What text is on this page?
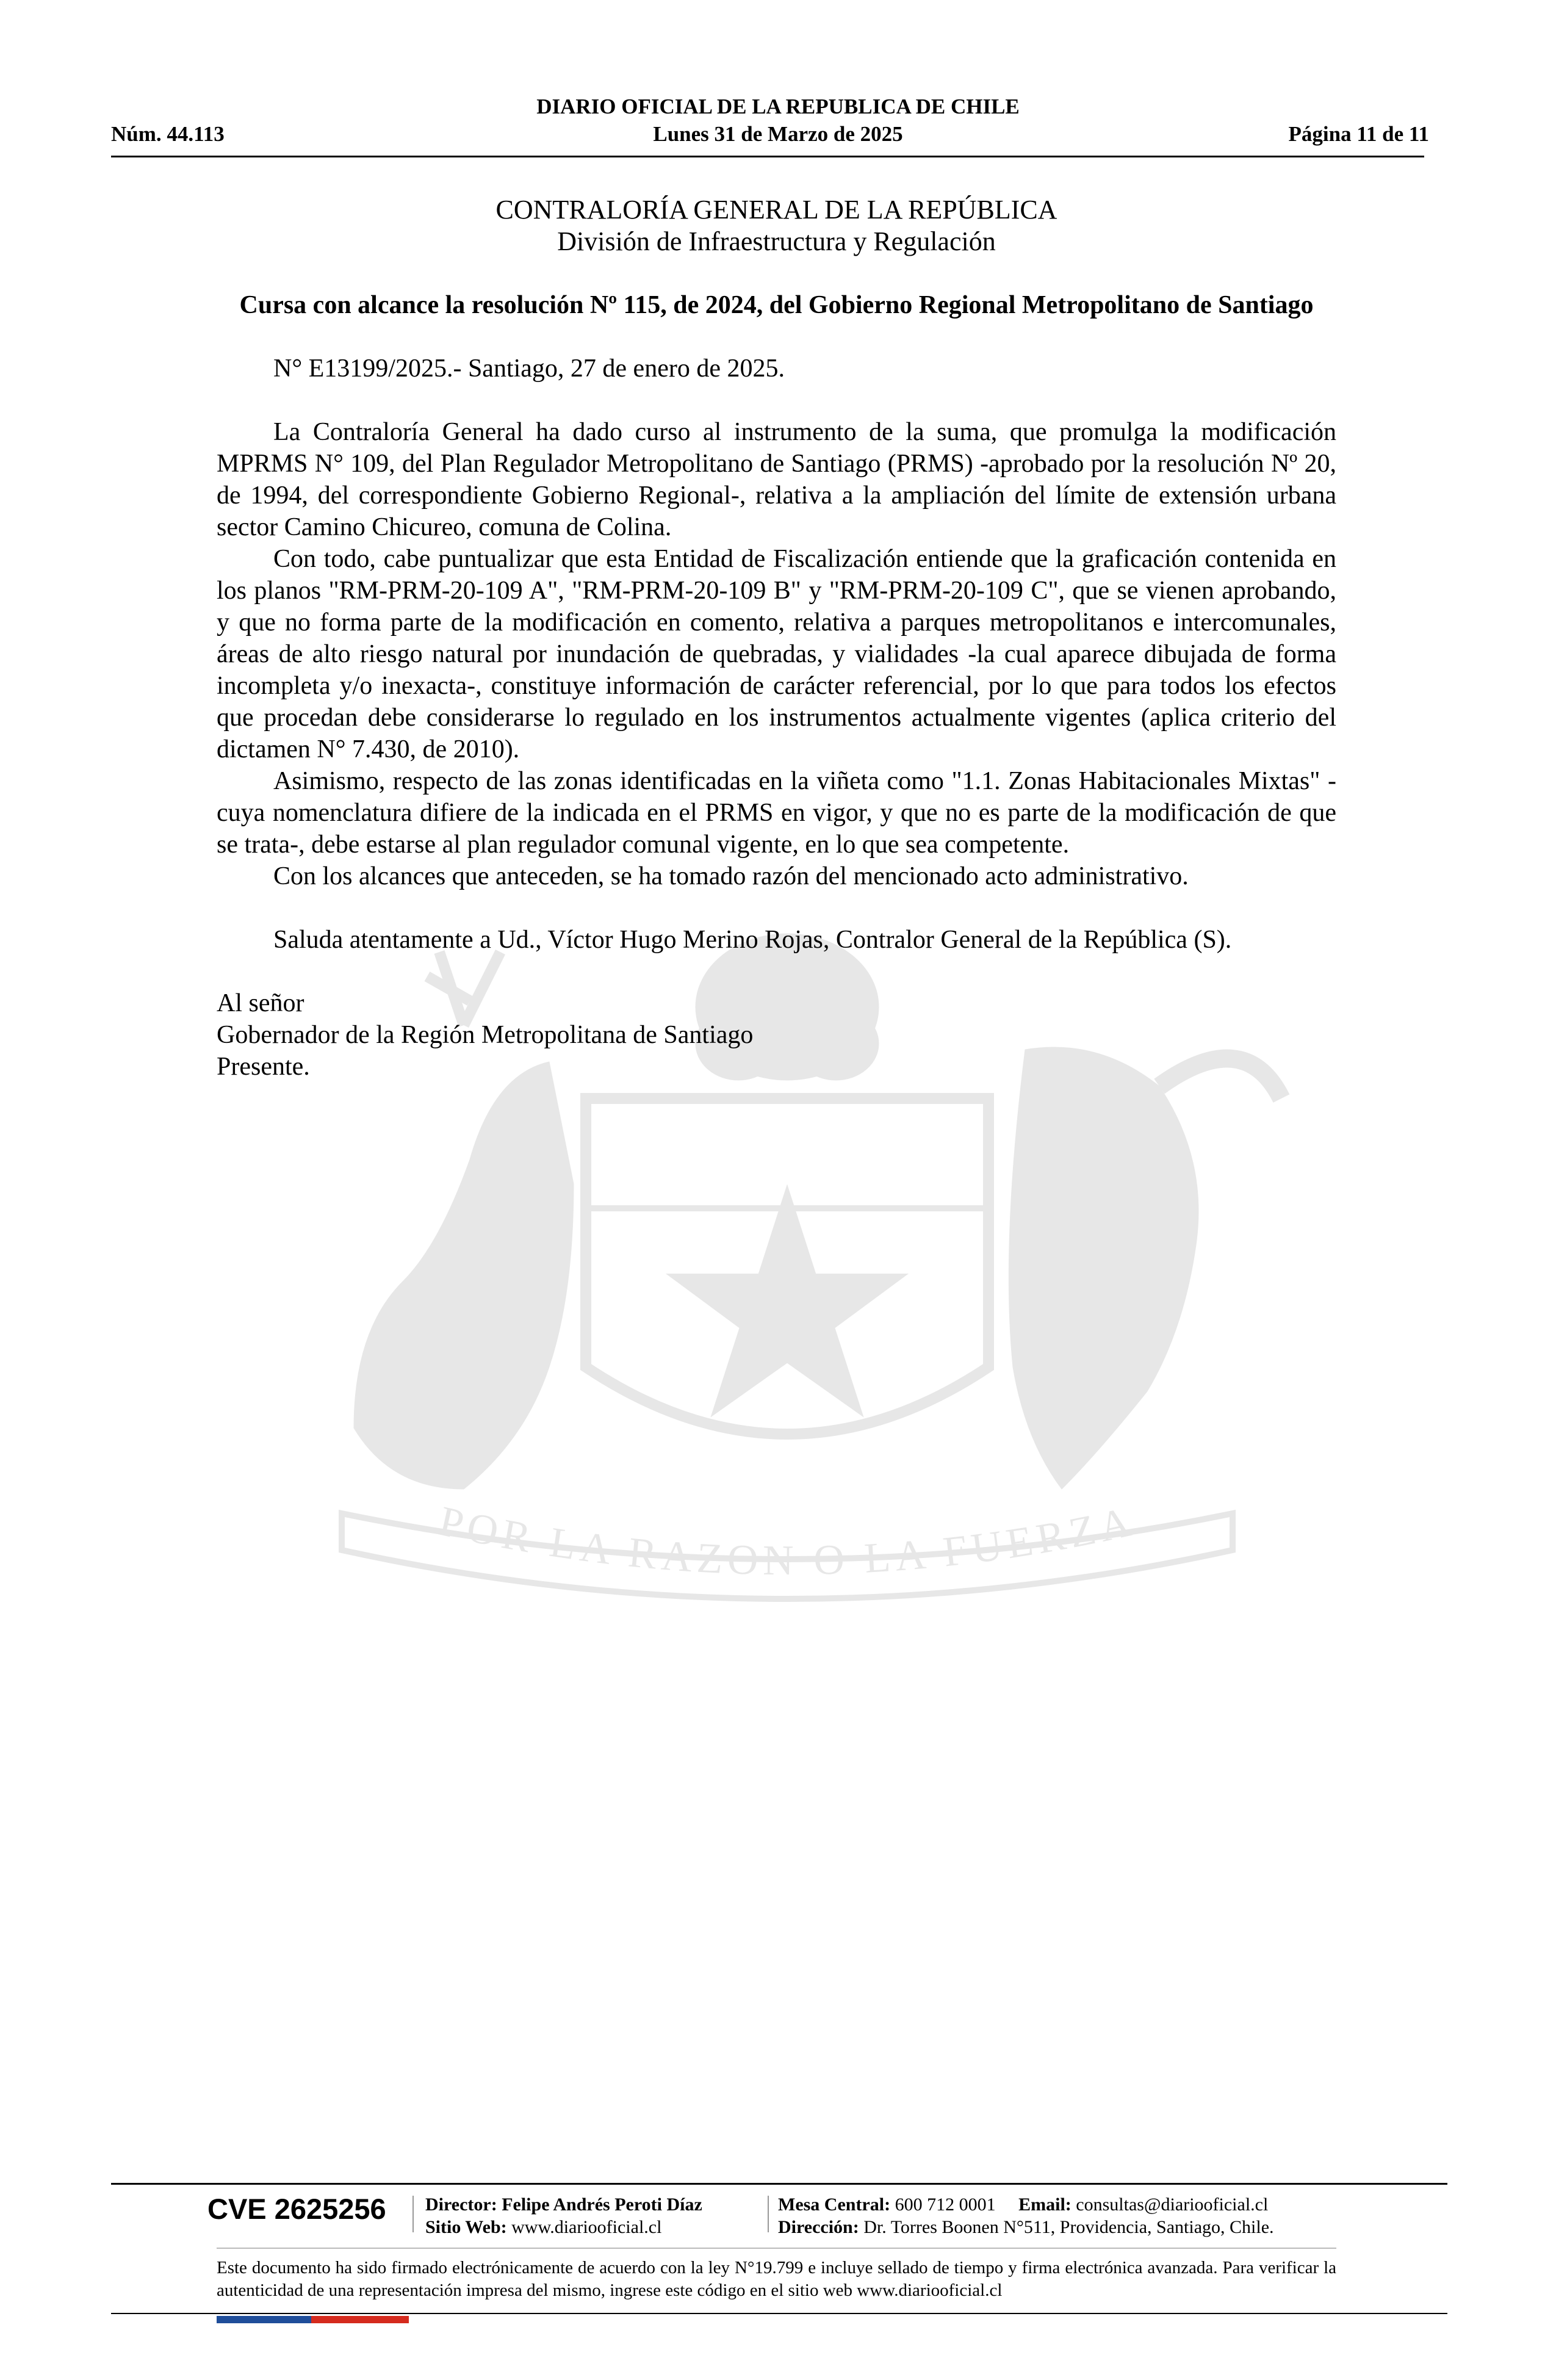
DIARIO OFICIAL DE LA REPUBLICA DE CHILE
Núm. 44.113	Lunes 31 de Marzo de 2025	Página 11 de 11
POR LA RAZON O LA FUERZA

CONTRALORÍA GENERAL DE LA REPÚBLICA

División de Infraestructura y Regulación

Cursa con alcance la resolución Nº 115, de 2024, del Gobierno Regional Metropolitano de Santiago

N° E13199/2025.- Santiago, 27 de enero de 2025.

La Contraloría General ha dado curso al instrumento de la suma, que promulga la modificación MPRMS N° 109, del Plan Regulador Metropolitano de Santiago (PRMS) -aprobado por la resolución Nº 20, de 1994, del correspondiente Gobierno Regional-, relativa a la ampliación del límite de extensión urbana sector Camino Chicureo, comuna de Colina.

Con todo, cabe puntualizar que esta Entidad de Fiscalización entiende que la graficación contenida en los planos "RM-PRM-20-109 A", "RM-PRM-20-109 B" y "RM-PRM-20-109 C", que se vienen aprobando, y que no forma parte de la modificación en comento, relativa a parques metropolitanos e intercomunales, áreas de alto riesgo natural por inundación de quebradas, y vialidades -la cual aparece dibujada de forma incompleta y/o inexacta-, constituye información de carácter referencial, por lo que para todos los efectos que procedan debe considerarse lo regulado en los instrumentos actualmente vigentes (aplica criterio del dictamen N° 7.430, de 2010).

Asimismo, respecto de las zonas identificadas en la viñeta como "1.1. Zonas Habitacionales Mixtas" -cuya nomenclatura difiere de la indicada en el PRMS en vigor, y que no es parte de la modificación de que se trata-, debe estarse al plan regulador comunal vigente, en lo que sea competente.

Con los alcances que anteceden, se ha tomado razón del mencionado acto administrativo.

Saluda atentamente a Ud., Víctor Hugo Merino Rojas, Contralor General de la República (S).

Al señor

Gobernador de la Región Metropolitana de Santiago

Presente.

CVE 2625256	Director: Felipe Andrés Peroti Díaz
Sitio Web: www.diariooficial.cl
Mesa Central: 600 712 0001 Email: consultas@diariooficial.cl
Dirección: Dr. Torres Boonen N°511, Providencia, Santiago, Chile.
Este documento ha sido firmado electrónicamente de acuerdo con la ley N°19.799 e incluye sellado de tiempo y firma electrónica avanzada. Para verificar la autenticidad de una representación impresa del mismo, ingrese este código en el sitio web www.diariooficial.cl
